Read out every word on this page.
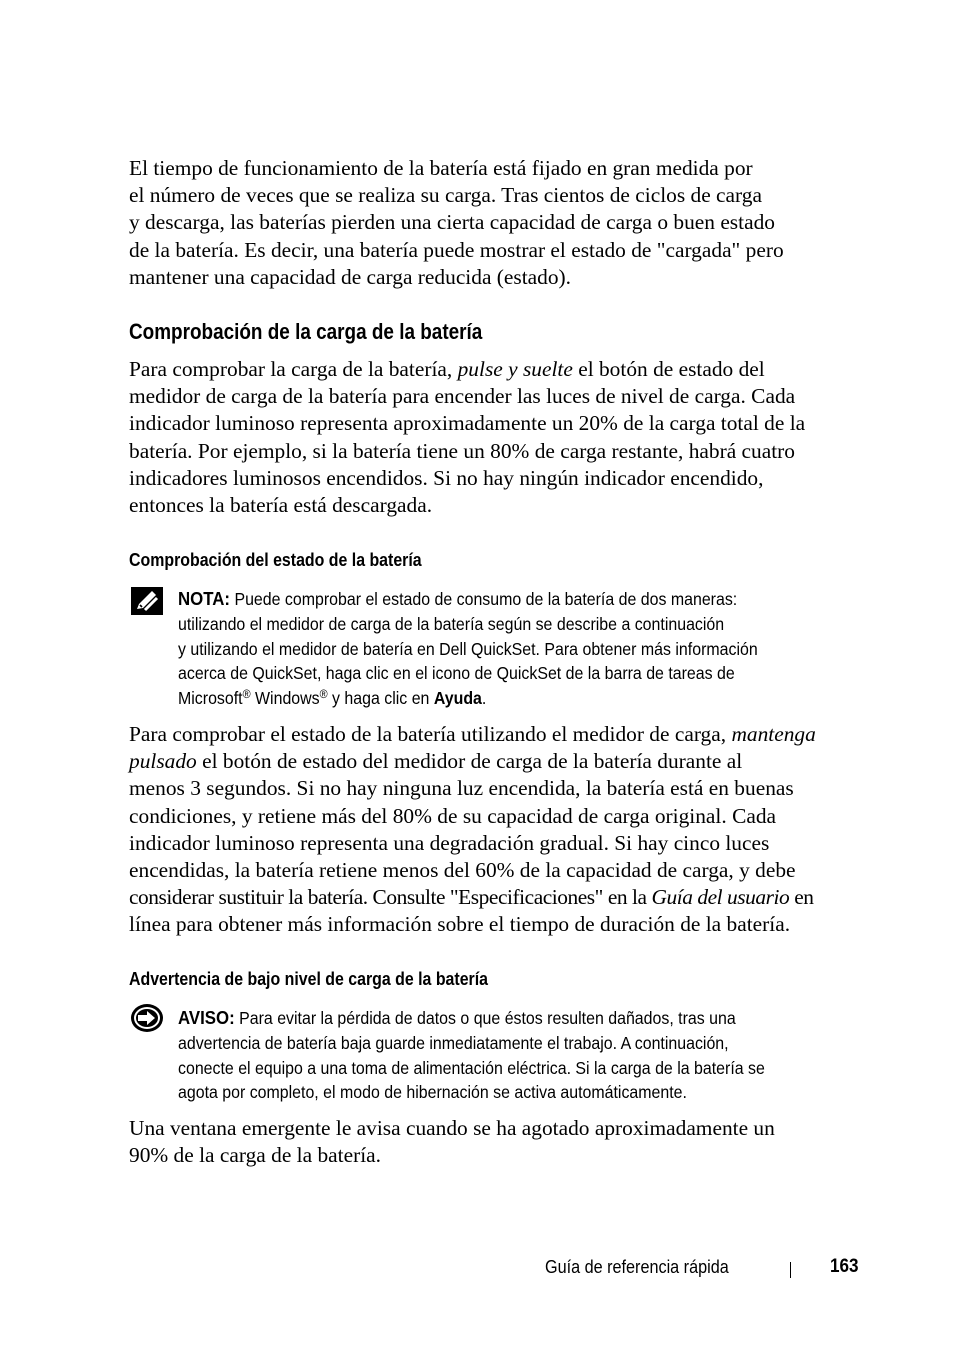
El tiempo de funcionamiento de la batería está fijado en gran medida por
el número de veces que se realiza su carga. Tras cientos de ciclos de carga
y descarga, las baterías pierden una cierta capacidad de carga o buen estado
de la batería. Es decir, una batería puede mostrar el estado de "cargada" pero
mantener una capacidad de carga reducida (estado).
Comprobación de la carga de la batería
Para comprobar la carga de la batería, pulse y suelte el botón de estado del
medidor de carga de la batería para encender las luces de nivel de carga. Cada
indicador luminoso representa aproximadamente un 20% de la carga total de la
batería. Por ejemplo, si la batería tiene un 80% de carga restante, habrá cuatro
indicadores luminosos encendidos. Si no hay ningún indicador encendido,
entonces la batería está descargada.
Comprobación del estado de la batería
NOTA: Puede comprobar el estado de consumo de la batería de dos maneras:
utilizando el medidor de carga de la batería según se describe a continuación
y utilizando el medidor de batería en Dell QuickSet. Para obtener más información
acerca de QuickSet, haga clic en el icono de QuickSet de la barra de tareas de
Microsoft® Windows® y haga clic en Ayuda.
Para comprobar el estado de la batería utilizando el medidor de carga, mantenga
pulsado el botón de estado del medidor de carga de la batería durante al
menos 3 segundos. Si no hay ninguna luz encendida, la batería está en buenas
condiciones, y retiene más del 80% de su capacidad de carga original. Cada
indicador luminoso representa una degradación gradual. Si hay cinco luces
encendidas, la batería retiene menos del 60% de la capacidad de carga, y debe
considerar sustituir la batería. Consulte "Especificaciones" en la Guía del usuario en
línea para obtener más información sobre el tiempo de duración de la batería.
Advertencia de bajo nivel de carga de la batería
AVISO: Para evitar la pérdida de datos o que éstos resulten dañados, tras una
advertencia de batería baja guarde inmediatamente el trabajo. A continuación,
conecte el equipo a una toma de alimentación eléctrica. Si la carga de la batería se
agota por completo, el modo de hibernación se activa automáticamente.
Una ventana emergente le avisa cuando se ha agotado aproximadamente un
90% de la carga de la batería.
Guía de referencia rápida	163
